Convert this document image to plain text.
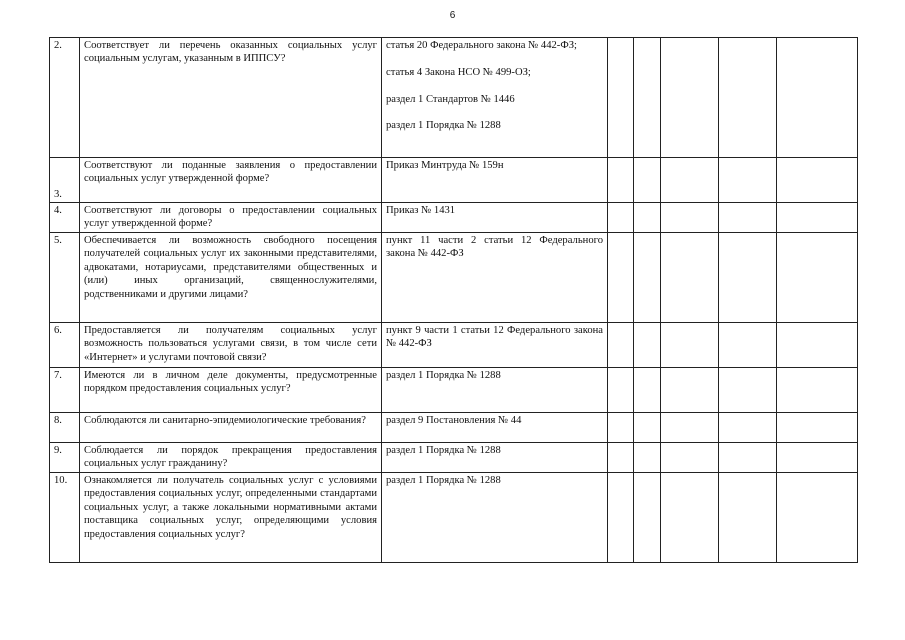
6
2.	Соответствует ли перечень оказанных социальных услуг социальным услугам, указанным в ИППСУ?	статья 20 Федерального закона № 442-ФЗ;
статья 4 Закона НСО № 499-ОЗ;
раздел 1 Стандартов № 1446
раздел 1 Порядка № 1288					

3.	Соответствуют ли поданные заявления о предоставлении социальных услуг утвержденной форме?	Приказ Минтруда № 159н					

4.	Соответствуют ли договоры о предоставлении социальных услуг утвержденной форме?	Приказ № 1431					

5.	Обеспечивается ли возможность свободного посещения получателей социальных услуг их законными представителями, адвокатами, нотариусами, представителями общественных и (или) иных организаций, священнослужителями, родственниками и другими лицами?	пункт 11 части 2 статьи 12 Федерального закона № 442-ФЗ					

6.	Предоставляется ли получателям социальных услуг возможность пользоваться услугами связи, в том числе сети «Интернет» и услугами почтовой связи?	пункт 9 части 1 статьи 12 Федерального закона № 442-ФЗ					

7.	Имеются ли в личном деле документы, предусмотренные порядком предоставления социальных услуг?	раздел 1 Порядка № 1288					

8.	Соблюдаются ли санитарно-эпидемиологические требования?	раздел 9 Постановления № 44					

9.	Соблюдается ли порядок прекращения предоставления социальных услуг гражданину?	раздел 1 Порядка № 1288					

10.	Ознакомляется ли получатель социальных услуг с условиями предоставления социальных услуг, определенными стандартами социальных услуг, а также локальными нормативными актами поставщика социальных услуг, определяющими условия предоставления социальных услуг?	раздел 1 Порядка № 1288					
